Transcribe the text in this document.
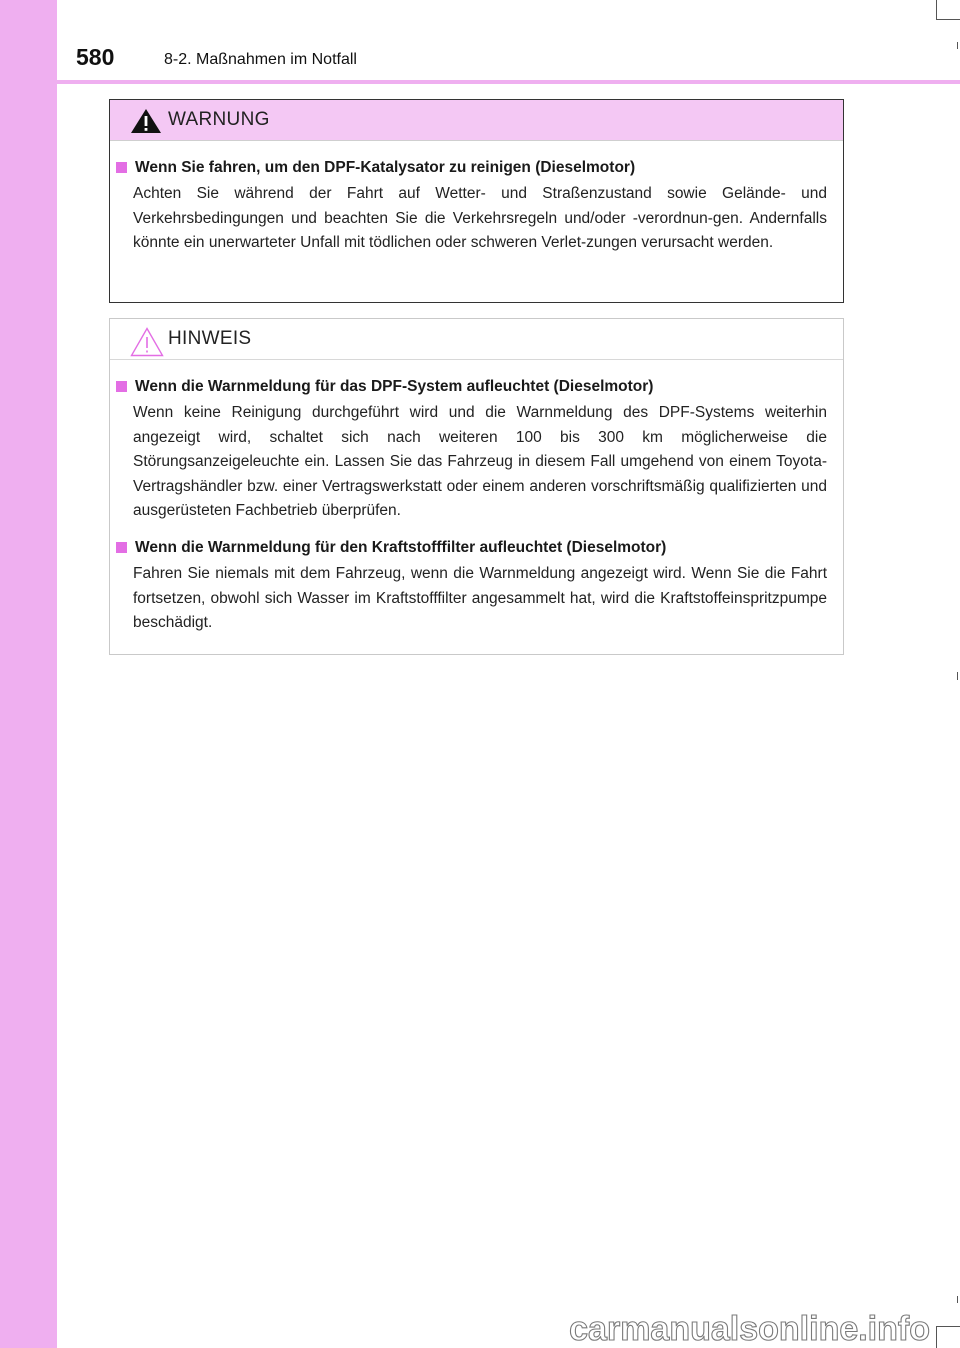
580	8-2. Maßnahmen im Notfall
WARNUNG
Wenn Sie fahren, um den DPF-Katalysator zu reinigen (Dieselmotor)
Achten Sie während der Fahrt auf Wetter- und Straßenzustand sowie Gelände- und Verkehrsbedingungen und beachten Sie die Verkehrsregeln und/oder -verordnun-gen. Andernfalls könnte ein unerwarteter Unfall mit tödlichen oder schweren Verlet-zungen verursacht werden.
HINWEIS
Wenn die Warnmeldung für das DPF-System aufleuchtet (Dieselmotor)
Wenn keine Reinigung durchgeführt wird und die Warnmeldung des DPF-Systems weiterhin angezeigt wird, schaltet sich nach weiteren 100 bis 300 km möglicherweise die Störungsanzeigeleuchte ein. Lassen Sie das Fahrzeug in diesem Fall umgehend von einem Toyota-Vertragshändler bzw. einer Vertragswerkstatt oder einem anderen vorschriftsmäßig qualifizierten und ausgerüsteten Fachbetrieb überprüfen.
Wenn die Warnmeldung für den Kraftstofffilter aufleuchtet (Dieselmotor)
Fahren Sie niemals mit dem Fahrzeug, wenn die Warnmeldung angezeigt wird. Wenn Sie die Fahrt fortsetzen, obwohl sich Wasser im Kraftstofffilter angesammelt hat, wird die Kraftstoffeinspritzpumpe beschädigt.
carmanualsonline.info
